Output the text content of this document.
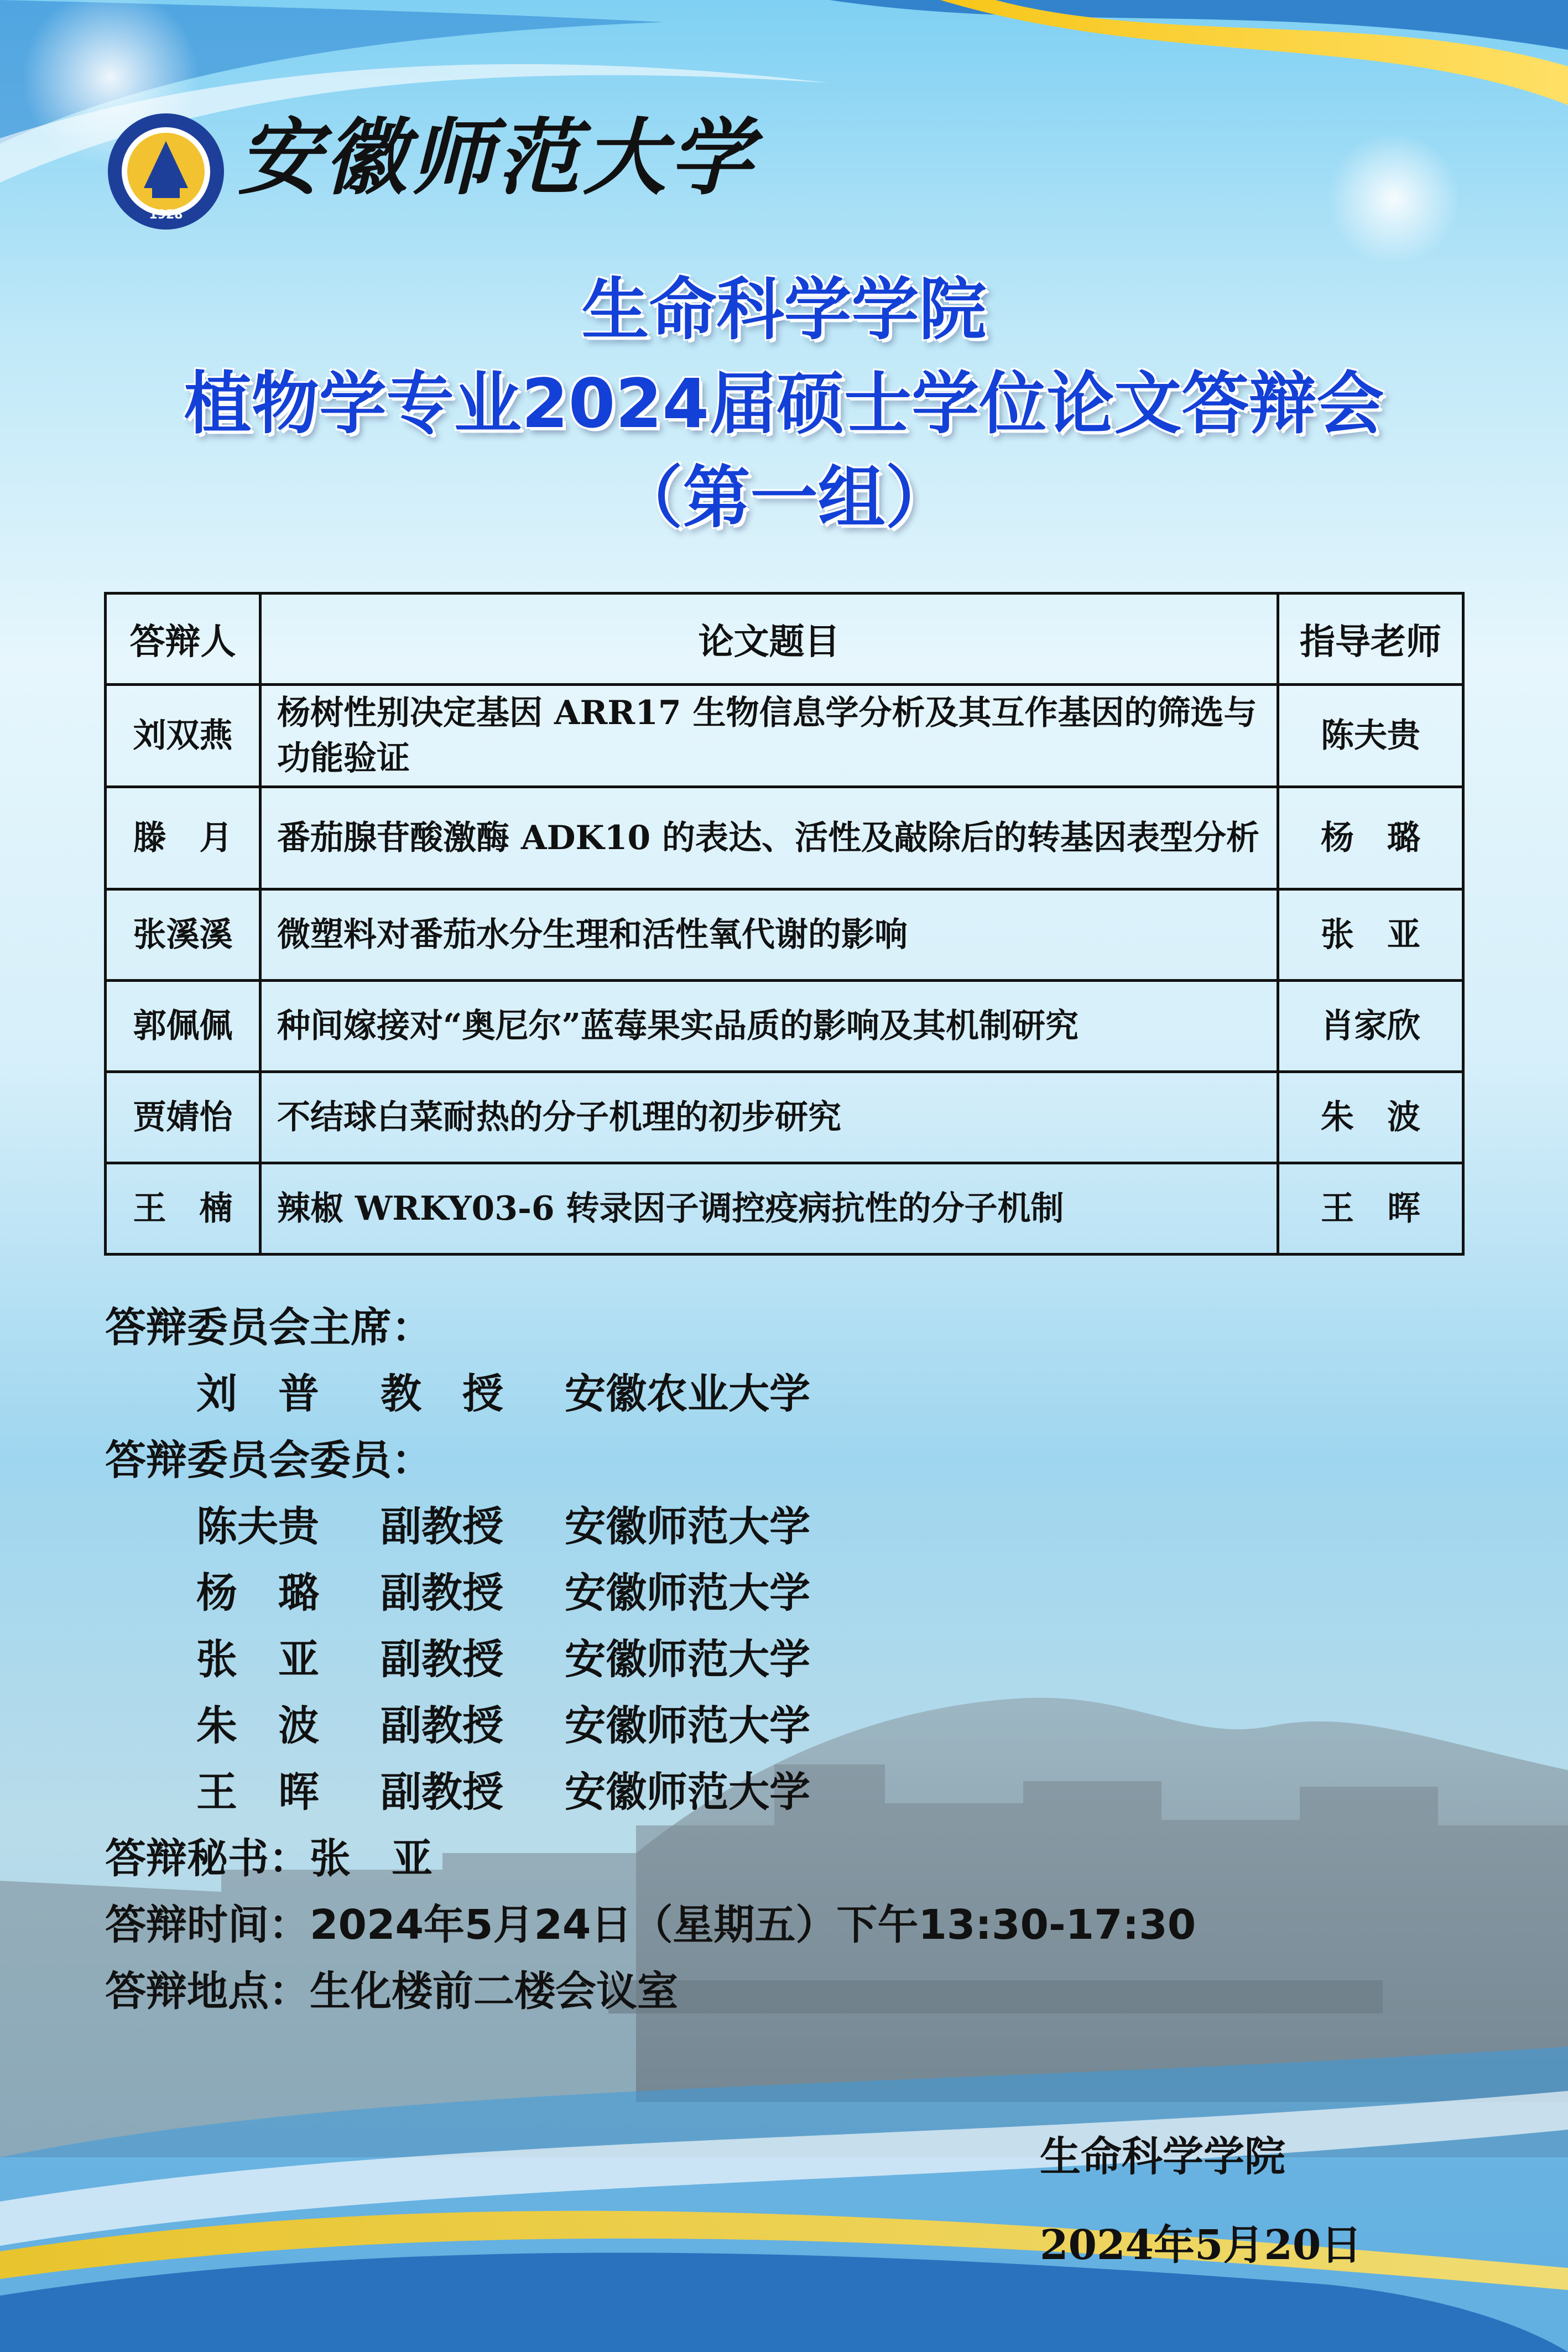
1928
安徽师范大学
生命科学学院
植物学专业2024届硕士学位论文答辩会
（第一组）
答辩人	论文题目	指导老师
刘双燕	杨树性别决定基因 ARR17 生物信息学分析及其互作基因的筛选与功能验证	陈夫贵
滕　月	番茄腺苷酸激酶 ADK10 的表达、活性及敲除后的转基因表型分析	杨　璐
张溪溪	微塑料对番茄水分生理和活性氧代谢的影响	张　亚
郭佩佩	种间嫁接对“奥尼尔”蓝莓果实品质的影响及其机制研究	肖家欣
贾婧怡	不结球白菜耐热的分子机理的初步研究	朱　波
王　楠	辣椒 WRKY03-6 转录因子调控疫病抗性的分子机制	王　晖
答辩委员会主席：
刘　普   教　授   安徽农业大学
答辩委员会委员：
陈夫贵   副教授   安徽师范大学
杨　璐   副教授   安徽师范大学
张　亚   副教授   安徽师范大学
朱　波   副教授   安徽师范大学
王　晖   副教授   安徽师范大学
答辩秘书：张　亚
答辩时间：2024年5月24日（星期五）下午13:30-17:30
答辩地点：生化楼前二楼会议室
生命科学学院
2024年5月20日
